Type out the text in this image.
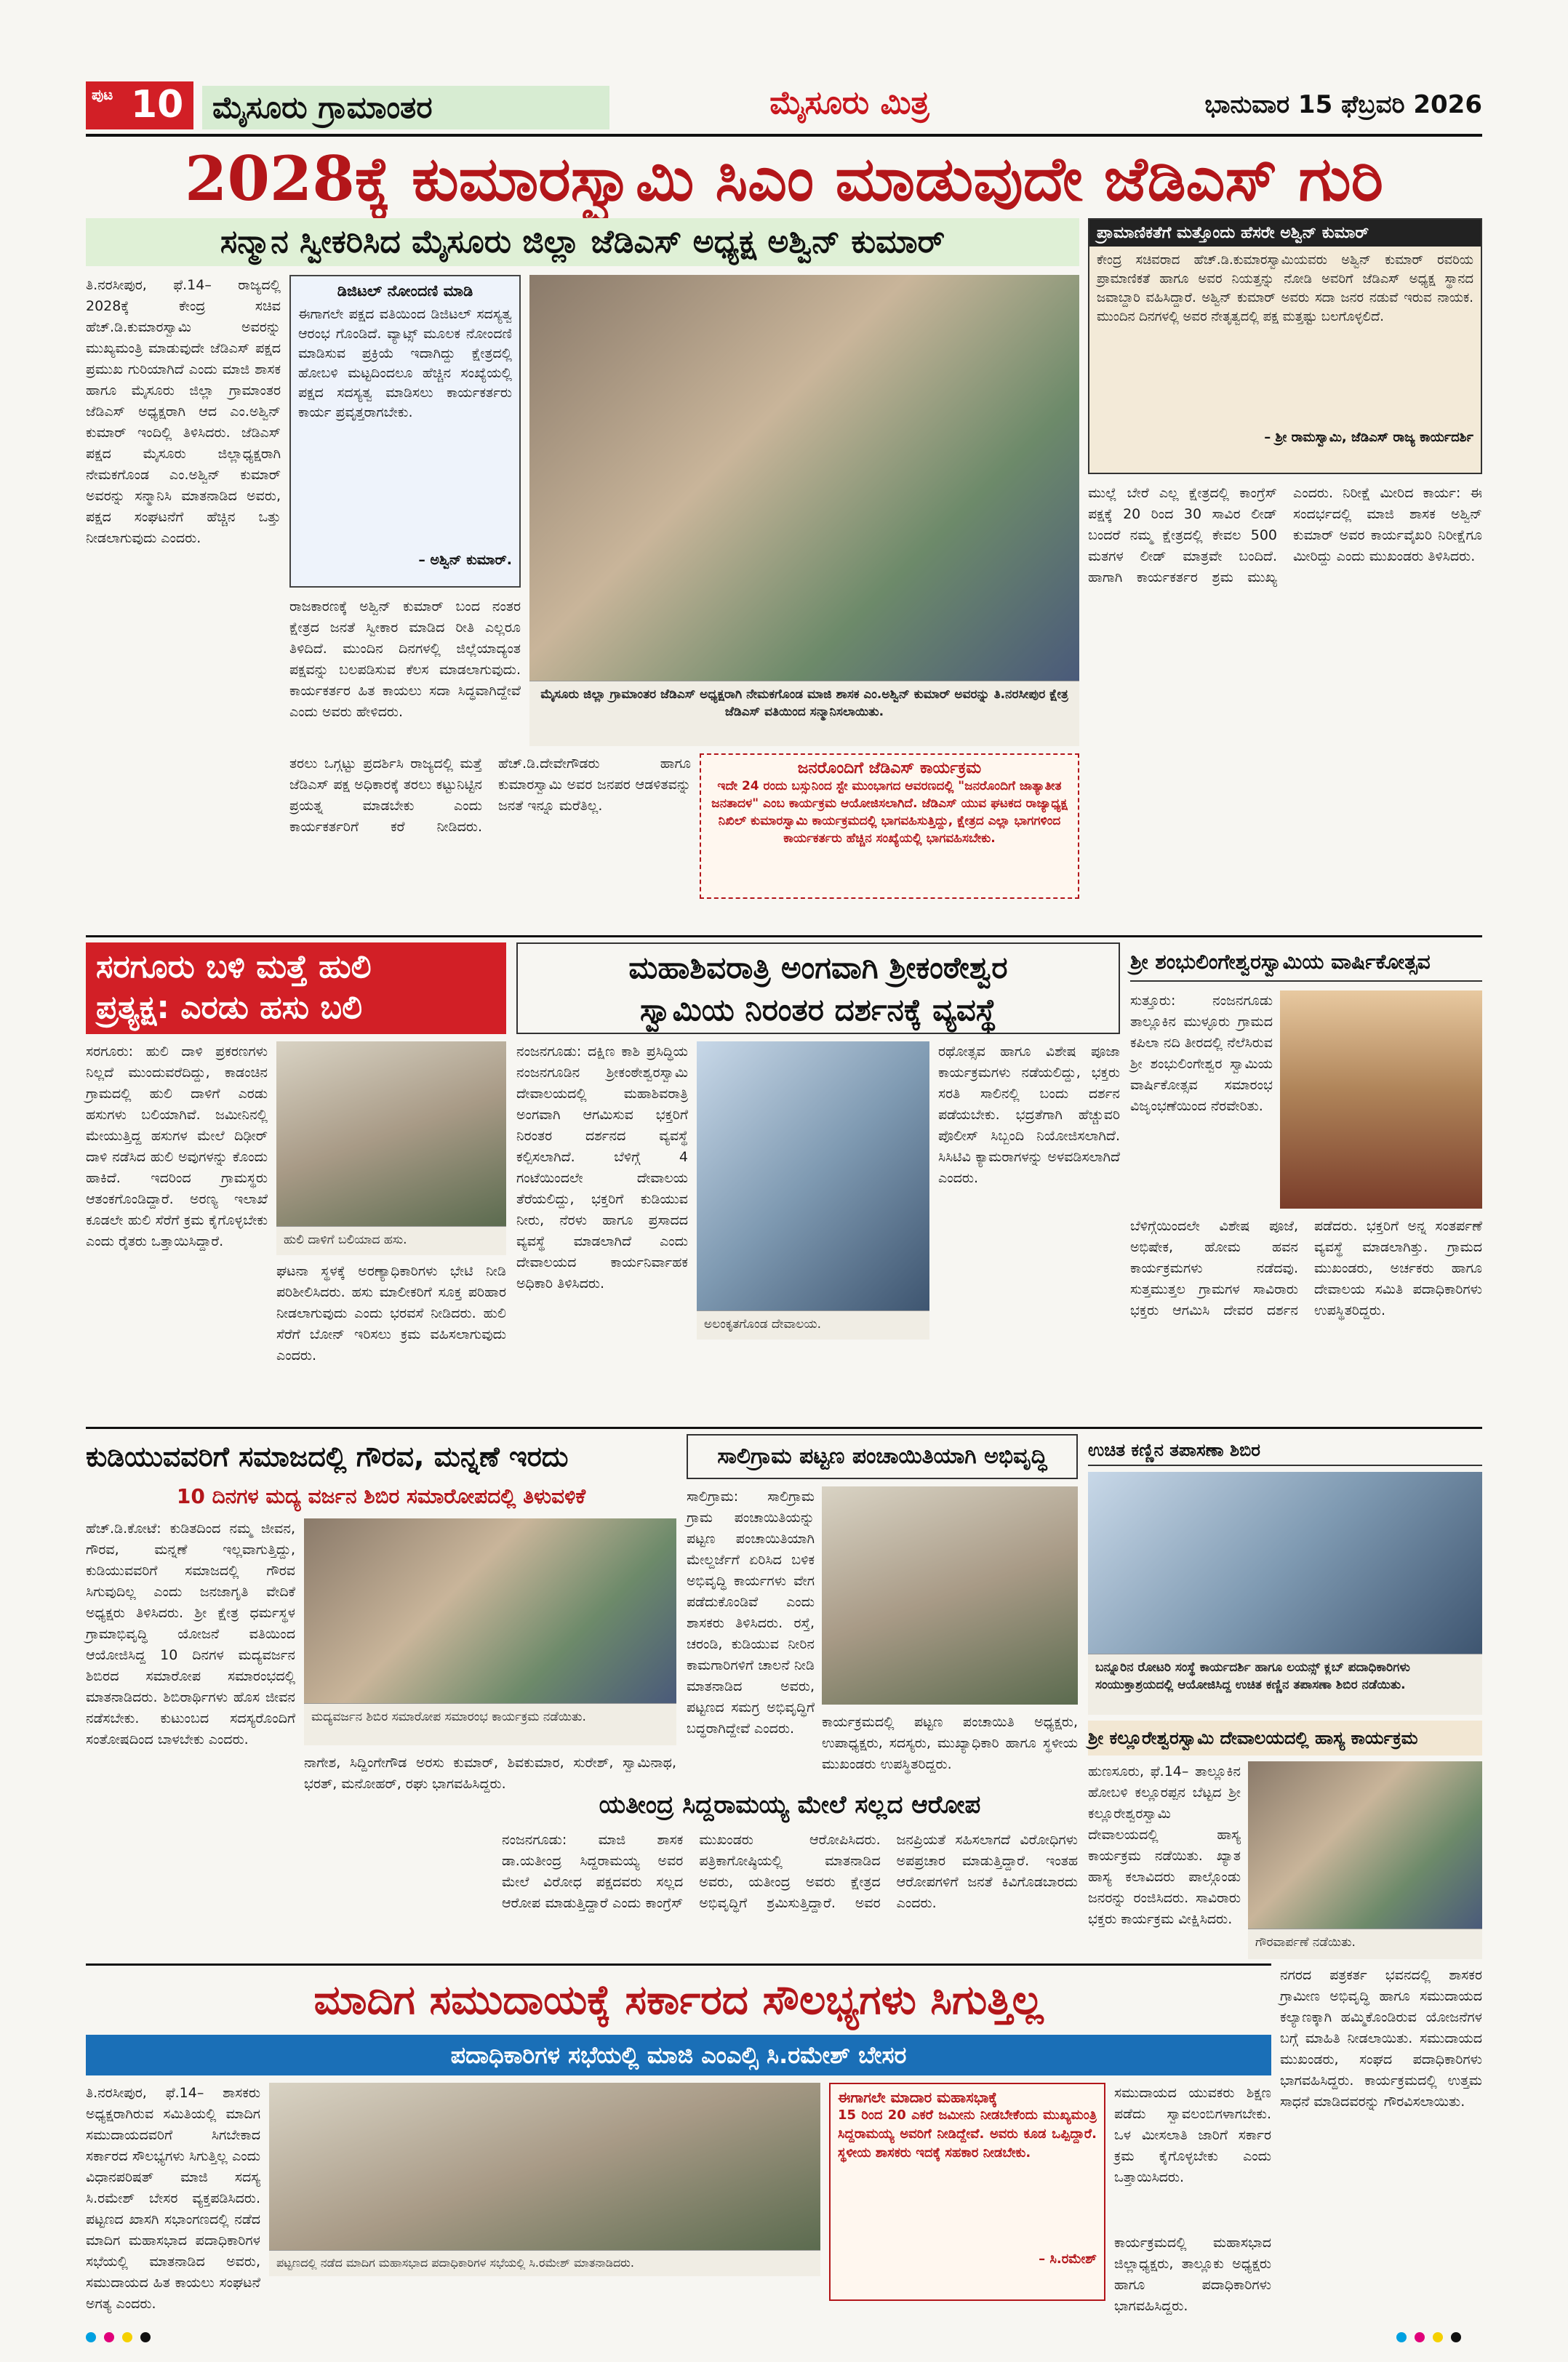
ಪುಟ 10 ಮೈಸೂರು ಗ್ರಾಮಾಂತರ	ಮೈಸೂರು ಮಿತ್ರ	ಭಾನುವಾರ 15 ಫೆಬ್ರವರಿ 2026
2028ಕ್ಕೆ ಕುಮಾರಸ್ವಾಮಿ ಸಿಎಂ ಮಾಡುವುದೇ ಜೆಡಿಎಸ್ ಗುರಿ
ಸನ್ಮಾನ ಸ್ವೀಕರಿಸಿದ ಮೈಸೂರು ಜಿಲ್ಲಾ ಜೆಡಿಎಸ್ ಅಧ್ಯಕ್ಷ ಅಶ್ವಿನ್ ಕುಮಾರ್
ತಿ.ನರಸೀಪುರ, ಫೆ.14– ರಾಜ್ಯದಲ್ಲಿ 2028ಕ್ಕೆ ಕೇಂದ್ರ ಸಚಿವ ಹೆಚ್.ಡಿ.ಕುಮಾರಸ್ವಾಮಿ ಅವರನ್ನು ಮುಖ್ಯಮಂತ್ರಿ ಮಾಡುವುದೇ ಜೆಡಿಎಸ್ ಪಕ್ಷದ ಪ್ರಮುಖ ಗುರಿಯಾಗಿದೆ ಎಂದು ಮಾಜಿ ಶಾಸಕ ಹಾಗೂ ಮೈಸೂರು ಜಿಲ್ಲಾ ಗ್ರಾಮಾಂತರ ಜೆಡಿಎಸ್ ಅಧ್ಯಕ್ಷರಾಗಿ ಆದ ಎಂ.ಅಶ್ವಿನ್ ಕುಮಾರ್ ಇಂದಿಲ್ಲಿ ತಿಳಿಸಿದರು. ಜೆಡಿಎಸ್ ಪಕ್ಷದ ಮೈಸೂರು ಜಿಲ್ಲಾಧ್ಯಕ್ಷರಾಗಿ ನೇಮಕಗೊಂಡ ಎಂ.ಅಶ್ವಿನ್ ಕುಮಾರ್ ಅವರನ್ನು ಸನ್ಮಾನಿಸಿ ಮಾತನಾಡಿದ ಅವರು, ಪಕ್ಷದ ಸಂಘಟನೆಗೆ ಹೆಚ್ಚಿನ ಒತ್ತು ನೀಡಲಾಗುವುದು ಎಂದರು.
ಡಿಜಿಟಲ್ ನೋಂದಣಿ ಮಾಡಿ
ಈಗಾಗಲೇ ಪಕ್ಷದ ವತಿಯಿಂದ ಡಿಜಿಟಲ್ ಸದಸ್ಯತ್ವ ಆರಂಭ ಗೊಂಡಿದೆ. ವ್ಯಾಟ್ಸ್ ಮೂಲಕ ನೋಂದಣಿ ಮಾಡಿಸುವ ಪ್ರಕ್ರಿಯೆ ಇದಾಗಿದ್ದು ಕ್ಷೇತ್ರದಲ್ಲಿ ಹೋಬಳಿ ಮಟ್ಟದಿಂದಲೂ ಹೆಚ್ಚಿನ ಸಂಖ್ಯೆಯಲ್ಲಿ ಪಕ್ಷದ ಸದಸ್ಯತ್ವ ಮಾಡಿಸಲು ಕಾರ್ಯಕರ್ತರು ಕಾರ್ಯ ಪ್ರವೃತ್ತರಾಗಬೇಕು.
– ಅಶ್ವಿನ್ ಕುಮಾರ್.
ಮೈಸೂರು ಜಿಲ್ಲಾ ಗ್ರಾಮಾಂತರ ಜೆಡಿಎಸ್ ಅಧ್ಯಕ್ಷರಾಗಿ ನೇಮಕಗೊಂಡ ಮಾಜಿ ಶಾಸಕ ಎಂ.ಅಶ್ವಿನ್ ಕುಮಾರ್ ಅವರನ್ನು ತಿ.ನರಸೀಪುರ ಕ್ಷೇತ್ರ ಜೆಡಿಎಸ್ ವತಿಯಿಂದ ಸನ್ಮಾನಿಸಲಾಯಿತು.
ರಾಜಕಾರಣಕ್ಕೆ ಅಶ್ವಿನ್ ಕುಮಾರ್ ಬಂದ ನಂತರ ಕ್ಷೇತ್ರದ ಜನತೆ ಸ್ವೀಕಾರ ಮಾಡಿದ ರೀತಿ ಎಲ್ಲರೂ ತಿಳಿದಿದೆ. ಮುಂದಿನ ದಿನಗಳಲ್ಲಿ ಜಿಲ್ಲೆಯಾದ್ಯಂತ ಪಕ್ಷವನ್ನು ಬಲಪಡಿಸುವ ಕೆಲಸ ಮಾಡಲಾಗುವುದು. ಕಾರ್ಯಕರ್ತರ ಹಿತ ಕಾಯಲು ಸದಾ ಸಿದ್ಧವಾಗಿದ್ದೇವೆ ಎಂದು ಅವರು ಹೇಳಿದರು.
ಜನರೊಂದಿಗೆ ಜೆಡಿಎಸ್ ಕಾರ್ಯಕ್ರಮ
ಇದೇ 24 ರಂದು ಬಸ್ಸುನಿಂದ ಸ್ಟೇ ಮುಂಭಾಗದ ಆವರಣದಲ್ಲಿ "ಜನರೊಂದಿಗೆ ಜಾತ್ಯಾತೀತ ಜನತಾದಳ" ಎಂಬ ಕಾರ್ಯಕ್ರಮ ಆಯೋಜಿಸಲಾಗಿದೆ. ಜೆಡಿಎಸ್ ಯುವ ಘಟಕದ ರಾಜ್ಯಾಧ್ಯಕ್ಷ ನಿಖಿಲ್ ಕುಮಾರಸ್ವಾಮಿ ಕಾರ್ಯಕ್ರಮದಲ್ಲಿ ಭಾಗವಹಿಸುತ್ತಿದ್ದು, ಕ್ಷೇತ್ರದ ಎಲ್ಲಾ ಭಾಗಗಳಿಂದ ಕಾರ್ಯಕರ್ತರು ಹೆಚ್ಚಿನ ಸಂಖ್ಯೆಯಲ್ಲಿ ಭಾಗವಹಿಸಬೇಕು.
ತರಲು ಒಗ್ಗಟ್ಟು ಪ್ರದರ್ಶಿಸಿ ರಾಜ್ಯದಲ್ಲಿ ಮತ್ತೆ ಜೆಡಿಎಸ್ ಪಕ್ಷ ಅಧಿಕಾರಕ್ಕೆ ತರಲು ಕಟ್ಟುನಿಟ್ಟಿನ ಪ್ರಯತ್ನ ಮಾಡಬೇಕು ಎಂದು ಕಾರ್ಯಕರ್ತರಿಗೆ ಕರೆ ನೀಡಿದರು. ಹೆಚ್.ಡಿ.ದೇವೇಗೌಡರು ಹಾಗೂ ಕುಮಾರಸ್ವಾಮಿ ಅವರ ಜನಪರ ಆಡಳಿತವನ್ನು ಜನತೆ ಇನ್ನೂ ಮರೆತಿಲ್ಲ.
ಪ್ರಾಮಾಣಿಕತೆಗೆ ಮತ್ತೊಂದು ಹೆಸರೇ ಅಶ್ವಿನ್ ಕುಮಾರ್
ಕೇಂದ್ರ ಸಚಿವರಾದ ಹೆಚ್.ಡಿ.ಕುಮಾರಸ್ವಾಮಿಯವರು ಅಶ್ವಿನ್ ಕುಮಾರ್ ರವರಿಯ ಪ್ರಾಮಾಣಿಕತೆ ಹಾಗೂ ಅವರ ನಿಯತ್ತನ್ನು ನೋಡಿ ಅವರಿಗೆ ಜೆಡಿಎಸ್ ಅಧ್ಯಕ್ಷ ಸ್ಥಾನದ ಜವಾಬ್ದಾರಿ ವಹಿಸಿದ್ದಾರೆ. ಅಶ್ವಿನ್ ಕುಮಾರ್ ಅವರು ಸದಾ ಜನರ ನಡುವೆ ಇರುವ ನಾಯಕ. ಮುಂದಿನ ದಿನಗಳಲ್ಲಿ ಅವರ ನೇತೃತ್ವದಲ್ಲಿ ಪಕ್ಷ ಮತ್ತಷ್ಟು ಬಲಗೊಳ್ಳಲಿದೆ.
– ಶ್ರೀ ರಾಮಸ್ವಾಮಿ, ಜೆಡಿಎಸ್ ರಾಜ್ಯ ಕಾರ್ಯದರ್ಶಿ
ಮುಲ್ಲೆ ಬೇರೆ ಎಲ್ಲ ಕ್ಷೇತ್ರದಲ್ಲಿ ಕಾಂಗ್ರೆಸ್ ಪಕ್ಷಕ್ಕೆ 20 ರಿಂದ 30 ಸಾವಿರ ಲೀಡ್ ಬಂದರೆ ನಮ್ಮ ಕ್ಷೇತ್ರದಲ್ಲಿ ಕೇವಲ 500 ಮತಗಳ ಲೀಡ್ ಮಾತ್ರವೇ ಬಂದಿದೆ. ಹಾಗಾಗಿ ಕಾರ್ಯಕರ್ತರ ಶ್ರಮ ಮುಖ್ಯ ಎಂದರು. ನಿರೀಕ್ಷೆ ಮೀರಿದ ಕಾರ್ಯ: ಈ ಸಂದರ್ಭದಲ್ಲಿ ಮಾಜಿ ಶಾಸಕ ಅಶ್ವಿನ್ ಕುಮಾರ್ ಅವರ ಕಾರ್ಯವೈಖರಿ ನಿರೀಕ್ಷೆಗೂ ಮೀರಿದ್ದು ಎಂದು ಮುಖಂಡರು ತಿಳಿಸಿದರು.
ಸರಗೂರು ಬಳಿ ಮತ್ತೆ ಹುಲಿ
ಪ್ರತ್ಯಕ್ಷ: ಎರಡು ಹಸು ಬಲಿ
ಸರಗೂರು: ಹುಲಿ ದಾಳಿ ಪ್ರಕರಣಗಳು ನಿಲ್ಲದೆ ಮುಂದುವರೆದಿದ್ದು, ಕಾಡಂಚಿನ ಗ್ರಾಮದಲ್ಲಿ ಹುಲಿ ದಾಳಿಗೆ ಎರಡು ಹಸುಗಳು ಬಲಿಯಾಗಿವೆ. ಜಮೀನಿನಲ್ಲಿ ಮೇಯುತ್ತಿದ್ದ ಹಸುಗಳ ಮೇಲೆ ದಿಢೀರ್ ದಾಳಿ ನಡೆಸಿದ ಹುಲಿ ಅವುಗಳನ್ನು ಕೊಂದು ಹಾಕಿದೆ. ಇದರಿಂದ ಗ್ರಾಮಸ್ಥರು ಆತಂಕಗೊಂಡಿದ್ದಾರೆ. ಅರಣ್ಯ ಇಲಾಖೆ ಕೂಡಲೇ ಹುಲಿ ಸೆರೆಗೆ ಕ್ರಮ ಕೈಗೊಳ್ಳಬೇಕು ಎಂದು ರೈತರು ಒತ್ತಾಯಿಸಿದ್ದಾರೆ.	ಹುಲಿ ದಾಳಿಗೆ ಬಲಿಯಾದ ಹಸು.
ಘಟನಾ ಸ್ಥಳಕ್ಕೆ ಅರಣ್ಯಾಧಿಕಾರಿಗಳು ಭೇಟಿ ನೀಡಿ ಪರಿಶೀಲಿಸಿದರು. ಹಸು ಮಾಲೀಕರಿಗೆ ಸೂಕ್ತ ಪರಿಹಾರ ನೀಡಲಾಗುವುದು ಎಂದು ಭರವಸೆ ನೀಡಿದರು. ಹುಲಿ ಸೆರೆಗೆ ಬೋನ್ ಇರಿಸಲು ಕ್ರಮ ವಹಿಸಲಾಗುವುದು ಎಂದರು.
ಮಹಾಶಿವರಾತ್ರಿ ಅಂಗವಾಗಿ ಶ್ರೀಕಂಠೇಶ್ವರ
ಸ್ವಾಮಿಯ ನಿರಂತರ ದರ್ಶನಕ್ಕೆ ವ್ಯವಸ್ಥೆ
ನಂಜನಗೂಡು: ದಕ್ಷಿಣ ಕಾಶಿ ಪ್ರಸಿದ್ಧಿಯ ನಂಜನಗೂಡಿನ ಶ್ರೀಕಂಠೇಶ್ವರಸ್ವಾಮಿ ದೇವಾಲಯದಲ್ಲಿ ಮಹಾಶಿವರಾತ್ರಿ ಅಂಗವಾಗಿ ಆಗಮಿಸುವ ಭಕ್ತರಿಗೆ ನಿರಂತರ ದರ್ಶನದ ವ್ಯವಸ್ಥೆ ಕಲ್ಪಿಸಲಾಗಿದೆ. ಬೆಳಿಗ್ಗೆ 4 ಗಂಟೆಯಿಂದಲೇ ದೇವಾಲಯ ತೆರೆಯಲಿದ್ದು, ಭಕ್ತರಿಗೆ ಕುಡಿಯುವ ನೀರು, ನೆರಳು ಹಾಗೂ ಪ್ರಸಾದದ ವ್ಯವಸ್ಥೆ ಮಾಡಲಾಗಿದೆ ಎಂದು ದೇವಾಲಯದ ಕಾರ್ಯನಿರ್ವಾಹಕ ಅಧಿಕಾರಿ ತಿಳಿಸಿದರು.
ಅಲಂಕೃತಗೊಂಡ ದೇವಾಲಯ.
ರಥೋತ್ಸವ ಹಾಗೂ ವಿಶೇಷ ಪೂಜಾ ಕಾರ್ಯಕ್ರಮಗಳು ನಡೆಯಲಿದ್ದು, ಭಕ್ತರು ಸರತಿ ಸಾಲಿನಲ್ಲಿ ಬಂದು ದರ್ಶನ ಪಡೆಯಬೇಕು. ಭದ್ರತೆಗಾಗಿ ಹೆಚ್ಚುವರಿ ಪೊಲೀಸ್ ಸಿಬ್ಬಂದಿ ನಿಯೋಜಿಸಲಾಗಿದೆ. ಸಿಸಿಟಿವಿ ಕ್ಯಾಮರಾಗಳನ್ನು ಅಳವಡಿಸಲಾಗಿದೆ ಎಂದರು.
ಶ್ರೀ ಶಂಭುಲಿಂಗೇಶ್ವರಸ್ವಾಮಿಯ ವಾರ್ಷಿಕೋತ್ಸವ
ಸುತ್ತೂರು: ನಂಜನಗೂಡು ತಾಲ್ಲೂಕಿನ ಮುಳ್ಳೂರು ಗ್ರಾಮದ ಕಪಿಲಾ ನದಿ ತೀರದಲ್ಲಿ ನೆಲೆಸಿರುವ ಶ್ರೀ ಶಂಭುಲಿಂಗೇಶ್ವರ ಸ್ವಾಮಿಯ ವಾರ್ಷಿಕೋತ್ಸವ ಸಮಾರಂಭ ವಿಜೃಂಭಣೆಯಿಂದ ನೆರವೇರಿತು.
ಬೆಳಿಗ್ಗೆಯಿಂದಲೇ ವಿಶೇಷ ಪೂಜೆ, ಅಭಿಷೇಕ, ಹೋಮ ಹವನ ಕಾರ್ಯಕ್ರಮಗಳು ನಡೆದವು. ಸುತ್ತಮುತ್ತಲ ಗ್ರಾಮಗಳ ಸಾವಿರಾರು ಭಕ್ತರು ಆಗಮಿಸಿ ದೇವರ ದರ್ಶನ ಪಡೆದರು. ಭಕ್ತರಿಗೆ ಅನ್ನ ಸಂತರ್ಪಣೆ ವ್ಯವಸ್ಥೆ ಮಾಡಲಾಗಿತ್ತು. ಗ್ರಾಮದ ಮುಖಂಡರು, ಅರ್ಚಕರು ಹಾಗೂ ದೇವಾಲಯ ಸಮಿತಿ ಪದಾಧಿಕಾರಿಗಳು ಉಪಸ್ಥಿತರಿದ್ದರು.
ಕುಡಿಯುವವರಿಗೆ ಸಮಾಜದಲ್ಲಿ ಗೌರವ, ಮನ್ನಣೆ ಇರದು
10 ದಿನಗಳ ಮದ್ಯ ವರ್ಜನ ಶಿಬಿರ ಸಮಾರೋಪದಲ್ಲಿ ತಿಳುವಳಿಕೆ
ಹೆಚ್.ಡಿ.ಕೋಟೆ: ಕುಡಿತದಿಂದ ನಮ್ಮ ಜೀವನ, ಗೌರವ, ಮನ್ನಣೆ ಇಲ್ಲವಾಗುತ್ತಿದ್ದು, ಕುಡಿಯುವವರಿಗೆ ಸಮಾಜದಲ್ಲಿ ಗೌರವ ಸಿಗುವುದಿಲ್ಲ ಎಂದು ಜನಜಾಗೃತಿ ವೇದಿಕೆ ಅಧ್ಯಕ್ಷರು ತಿಳಿಸಿದರು. ಶ್ರೀ ಕ್ಷೇತ್ರ ಧರ್ಮಸ್ಥಳ ಗ್ರಾಮಾಭಿವೃದ್ಧಿ ಯೋಜನೆ ವತಿಯಿಂದ ಆಯೋಜಿಸಿದ್ದ 10 ದಿನಗಳ ಮದ್ಯವರ್ಜನ ಶಿಬಿರದ ಸಮಾರೋಪ ಸಮಾರಂಭದಲ್ಲಿ ಮಾತನಾಡಿದರು. ಶಿಬಿರಾರ್ಥಿಗಳು ಹೊಸ ಜೀವನ ನಡೆಸಬೇಕು. ಕುಟುಂಬದ ಸದಸ್ಯರೊಂದಿಗೆ ಸಂತೋಷದಿಂದ ಬಾಳಬೇಕು ಎಂದರು.
ಮದ್ಯವರ್ಜನ ಶಿಬಿರ ಸಮಾರೋಪ ಸಮಾರಂಭ ಕಾರ್ಯಕ್ರಮ ನಡೆಯಿತು.
ನಾಗೇಶ, ಸಿದ್ದಿಂಗೇಗೌಡ ಅರಸು ಕುಮಾರ್, ಶಿವಕುಮಾರ, ಸುರೇಶ್, ಸ್ವಾಮಿನಾಥ, ಭರತ್, ಮನೋಹರ್, ರಘು ಭಾಗವಹಿಸಿದ್ದರು.
ಸಾಲಿಗ್ರಾಮ ಪಟ್ಟಣ ಪಂಚಾಯಿತಿಯಾಗಿ ಅಭಿವೃದ್ಧಿ
ಸಾಲಿಗ್ರಾಮ: ಸಾಲಿಗ್ರಾಮ ಗ್ರಾಮ ಪಂಚಾಯಿತಿಯನ್ನು ಪಟ್ಟಣ ಪಂಚಾಯಿತಿಯಾಗಿ ಮೇಲ್ದರ್ಜೆಗೆ ಏರಿಸಿದ ಬಳಿಕ ಅಭಿವೃದ್ಧಿ ಕಾರ್ಯಗಳು ವೇಗ ಪಡೆದುಕೊಂಡಿವೆ ಎಂದು ಶಾಸಕರು ತಿಳಿಸಿದರು. ರಸ್ತೆ, ಚರಂಡಿ, ಕುಡಿಯುವ ನೀರಿನ ಕಾಮಗಾರಿಗಳಿಗೆ ಚಾಲನೆ ನೀಡಿ ಮಾತನಾಡಿದ ಅವರು, ಪಟ್ಟಣದ ಸಮಗ್ರ ಅಭಿವೃದ್ಧಿಗೆ ಬದ್ಧರಾಗಿದ್ದೇವೆ ಎಂದರು.	ಕಾರ್ಯಕ್ರಮದಲ್ಲಿ ಪಟ್ಟಣ ಪಂಚಾಯಿತಿ ಅಧ್ಯಕ್ಷರು, ಉಪಾಧ್ಯಕ್ಷರು, ಸದಸ್ಯರು, ಮುಖ್ಯಾಧಿಕಾರಿ ಹಾಗೂ ಸ್ಥಳೀಯ ಮುಖಂಡರು ಉಪಸ್ಥಿತರಿದ್ದರು.
ಉಚಿತ ಕಣ್ಣಿನ ತಪಾಸಣಾ ಶಿಬಿರ
ಬನ್ನೂರಿನ ರೋಟರಿ ಸಂಸ್ಥೆ ಕಾರ್ಯದರ್ಶಿ ಹಾಗೂ ಲಯನ್ಸ್ ಕ್ಲಬ್ ಪದಾಧಿಕಾರಿಗಳು ಸಂಯುಕ್ತಾಶ್ರಯದಲ್ಲಿ ಆಯೋಜಿಸಿದ್ದ ಉಚಿತ ಕಣ್ಣಿನ ತಪಾಸಣಾ ಶಿಬಿರ ನಡೆಯಿತು.
ಶ್ರೀ ಕಲ್ಲೂರೇಶ್ವರಸ್ವಾಮಿ ದೇವಾಲಯದಲ್ಲಿ ಹಾಸ್ಯ ಕಾರ್ಯಕ್ರಮ
ಹುಣಸೂರು, ಫೆ.14– ತಾಲ್ಲೂಕಿನ ಹೋಬಳಿ ಕಲ್ಲೂರಪ್ಪನ ಬೆಟ್ಟದ ಶ್ರೀ ಕಲ್ಲೂರೇಶ್ವರಸ್ವಾಮಿ ದೇವಾಲಯದಲ್ಲಿ ಹಾಸ್ಯ ಕಾರ್ಯಕ್ರಮ ನಡೆಯಿತು. ಖ್ಯಾತ ಹಾಸ್ಯ ಕಲಾವಿದರು ಪಾಲ್ಗೊಂಡು ಜನರನ್ನು ರಂಜಿಸಿದರು. ಸಾವಿರಾರು ಭಕ್ತರು ಕಾರ್ಯಕ್ರಮ ವೀಕ್ಷಿಸಿದರು.
ಗೌರವಾರ್ಪಣೆ ನಡೆಯಿತು.
ನಗರದ ಪತ್ರಕರ್ತ ಭವನದಲ್ಲಿ ಶಾಸಕರ ಗ್ರಾಮೀಣ ಅಭಿವೃದ್ಧಿ ಹಾಗೂ ಸಮುದಾಯದ ಕಲ್ಯಾಣಕ್ಕಾಗಿ ಹಮ್ಮಿಕೊಂಡಿರುವ ಯೋಜನೆಗಳ ಬಗ್ಗೆ ಮಾಹಿತಿ ನೀಡಲಾಯಿತು. ಸಮುದಾಯದ ಮುಖಂಡರು, ಸಂಘದ ಪದಾಧಿಕಾರಿಗಳು ಭಾಗವಹಿಸಿದ್ದರು. ಕಾರ್ಯಕ್ರಮದಲ್ಲಿ ಉತ್ತಮ ಸಾಧನೆ ಮಾಡಿದವರನ್ನು ಗೌರವಿಸಲಾಯಿತು.
ಯತೀಂದ್ರ ಸಿದ್ದರಾಮಯ್ಯ ಮೇಲೆ ಸಲ್ಲದ ಆರೋಪ
ನಂಜನಗೂಡು: ಮಾಜಿ ಶಾಸಕ ಡಾ.ಯತೀಂದ್ರ ಸಿದ್ದರಾಮಯ್ಯ ಅವರ ಮೇಲೆ ವಿರೋಧ ಪಕ್ಷದವರು ಸಲ್ಲದ ಆರೋಪ ಮಾಡುತ್ತಿದ್ದಾರೆ ಎಂದು ಕಾಂಗ್ರೆಸ್ ಮುಖಂಡರು ಆರೋಪಿಸಿದರು. ಪತ್ರಿಕಾಗೋಷ್ಠಿಯಲ್ಲಿ ಮಾತನಾಡಿದ ಅವರು, ಯತೀಂದ್ರ ಅವರು ಕ್ಷೇತ್ರದ ಅಭಿವೃದ್ಧಿಗೆ ಶ್ರಮಿಸುತ್ತಿದ್ದಾರೆ. ಅವರ ಜನಪ್ರಿಯತೆ ಸಹಿಸಲಾಗದೆ ವಿರೋಧಿಗಳು ಅಪಪ್ರಚಾರ ಮಾಡುತ್ತಿದ್ದಾರೆ. ಇಂತಹ ಆರೋಪಗಳಿಗೆ ಜನತೆ ಕಿವಿಗೊಡಬಾರದು ಎಂದರು.
ಮಾದಿಗ ಸಮುದಾಯಕ್ಕೆ ಸರ್ಕಾರದ ಸೌಲಭ್ಯಗಳು ಸಿಗುತ್ತಿಲ್ಲ
ಪದಾಧಿಕಾರಿಗಳ ಸಭೆಯಲ್ಲಿ ಮಾಜಿ ಎಂಎಲ್ಸಿ ಸಿ.ರಮೇಶ್ ಬೇಸರ
ತಿ.ನರಸೀಪುರ, ಫೆ.14– ಶಾಸಕರು ಅಧ್ಯಕ್ಷರಾಗಿರುವ ಸಮಿತಿಯಲ್ಲಿ ಮಾದಿಗ ಸಮುದಾಯದವರಿಗೆ ಸಿಗಬೇಕಾದ ಸರ್ಕಾರದ ಸೌಲಭ್ಯಗಳು ಸಿಗುತ್ತಿಲ್ಲ ಎಂದು ವಿಧಾನಪರಿಷತ್ ಮಾಜಿ ಸದಸ್ಯ ಸಿ.ರಮೇಶ್ ಬೇಸರ ವ್ಯಕ್ತಪಡಿಸಿದರು. ಪಟ್ಟಣದ ಖಾಸಗಿ ಸಭಾಂಗಣದಲ್ಲಿ ನಡೆದ ಮಾದಿಗ ಮಹಾಸಭಾದ ಪದಾಧಿಕಾರಿಗಳ ಸಭೆಯಲ್ಲಿ ಮಾತನಾಡಿದ ಅವರು, ಸಮುದಾಯದ ಹಿತ ಕಾಯಲು ಸಂಘಟನೆ ಅಗತ್ಯ ಎಂದರು.
ಪಟ್ಟಣದಲ್ಲಿ ನಡೆದ ಮಾದಿಗ ಮಹಾಸಭಾದ ಪದಾಧಿಕಾರಿಗಳ ಸಭೆಯಲ್ಲಿ ಸಿ.ರಮೇಶ್ ಮಾತನಾಡಿದರು.
ಈಗಾಗಲೇ ಮಾದಾರ ಮಹಾಸಭಾಕ್ಕೆ
15 ರಿಂದ 20 ಎಕರೆ ಜಮೀನು ನೀಡಬೇಕೆಂದು ಮುಖ್ಯಮಂತ್ರಿ ಸಿದ್ದರಾಮಯ್ಯ ಅವರಿಗೆ ನೀಡಿದ್ದೇವೆ. ಅವರು ಕೂಡ ಒಪ್ಪಿದ್ದಾರೆ. ಸ್ಥಳೀಯ ಶಾಸಕರು ಇದಕ್ಕೆ ಸಹಕಾರ ನೀಡಬೇಕು.
– ಸಿ.ರಮೇಶ್
ಸಮುದಾಯದ ಯುವಕರು ಶಿಕ್ಷಣ ಪಡೆದು ಸ್ವಾವಲಂಬಿಗಳಾಗಬೇಕು. ಒಳ ಮೀಸಲಾತಿ ಜಾರಿಗೆ ಸರ್ಕಾರ ಕ್ರಮ ಕೈಗೊಳ್ಳಬೇಕು ಎಂದು ಒತ್ತಾಯಿಸಿದರು.
ಕಾರ್ಯಕ್ರಮದಲ್ಲಿ ಮಹಾಸಭಾದ ಜಿಲ್ಲಾಧ್ಯಕ್ಷರು, ತಾಲ್ಲೂಕು ಅಧ್ಯಕ್ಷರು ಹಾಗೂ ಪದಾಧಿಕಾರಿಗಳು ಭಾಗವಹಿಸಿದ್ದರು.
